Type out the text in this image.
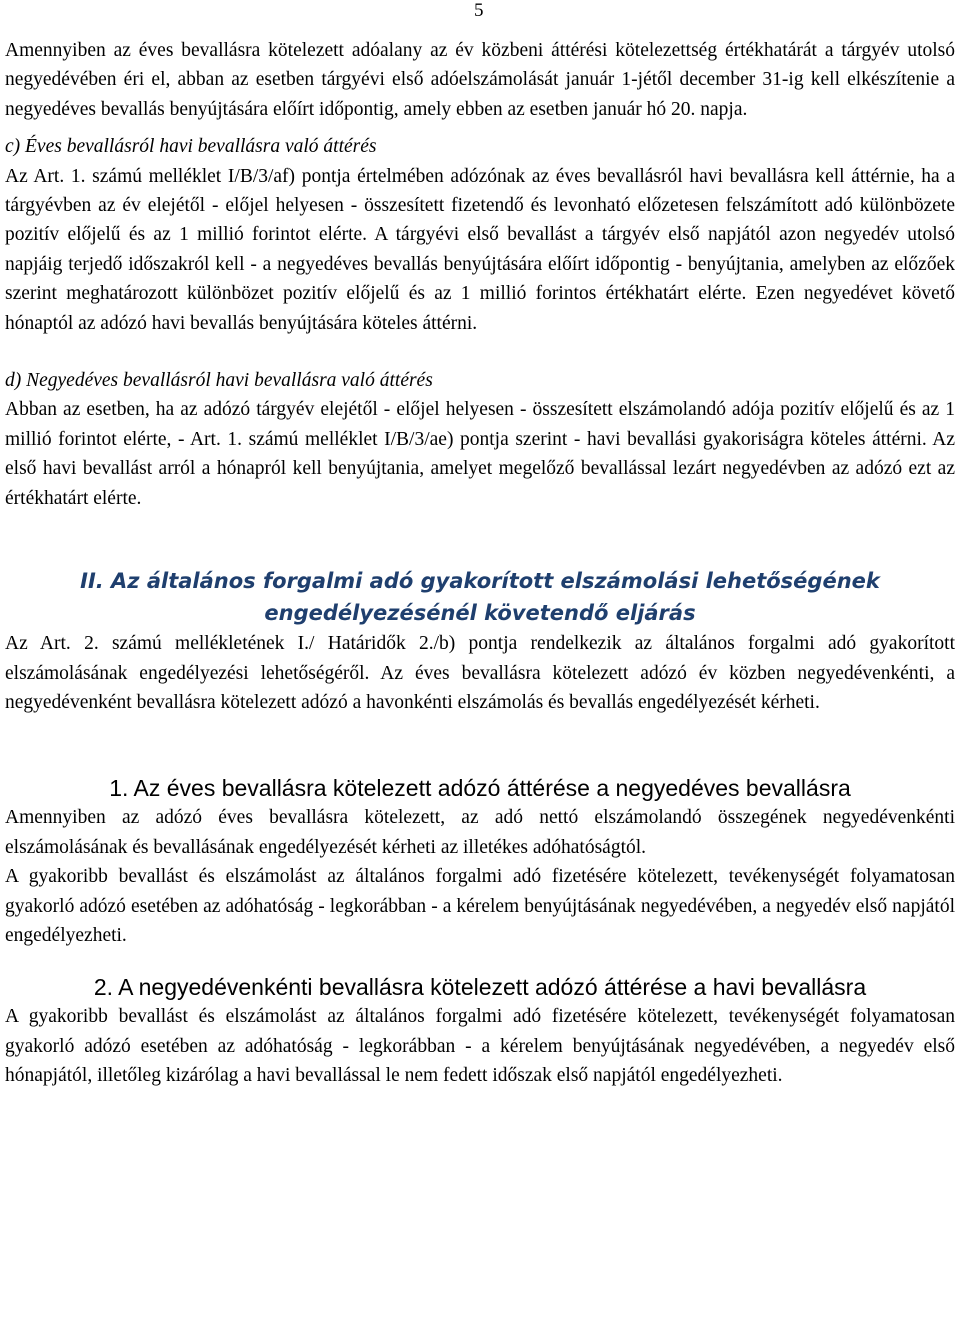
5

Amennyiben az éves bevallásra kötelezett adóalany az év közbeni áttérési kötelezettség értékhatárát a tárgyév utolsó negyedévében éri el, abban az esetben tárgyévi első adóelszámolását január 1-jétől december 31-ig kell elkészítenie a negyedéves bevallás benyújtására előírt időpontig, amely ebben az esetben január hó 20. napja.

c) Éves bevallásról havi bevallásra való áttérés

Az Art. 1. számú melléklet I/B/3/af) pontja értelmében adózónak az éves bevallásról havi bevallásra kell áttérnie, ha a tárgyévben az év elejétől - előjel helyesen - összesített fizetendő és levonható előzetesen felszámított adó különbözete pozitív előjelű és az 1 millió forintot elérte. A tárgyévi első bevallást a tárgyév első napjától azon negyedév utolsó napjáig terjedő időszakról kell - a negyedéves bevallás benyújtására előírt időpontig - benyújtania, amelyben az előzőek szerint meghatározott különbözet pozitív előjelű és az 1 millió forintos értékhatárt elérte. Ezen negyedévet követő hónaptól az adózó havi bevallás benyújtására köteles áttérni.

d) Negyedéves bevallásról havi bevallásra való áttérés

Abban az esetben, ha az adózó tárgyév elejétől - előjel helyesen - összesített elszámolandó adója pozitív előjelű és az 1 millió forintot elérte, - Art. 1. számú melléklet I/B/3/ae) pontja szerint - havi bevallási gyakoriságra köteles áttérni. Az első havi bevallást arról a hónapról kell benyújtania, amelyet megelőző bevallással lezárt negyedévben az adózó ezt az értékhatárt elérte.

II. Az általános forgalmi adó gyakorított elszámolási lehetőségének
engedélyezésénél követendő eljárás

Az Art. 2. számú mellékletének I./ Határidők 2./b) pontja rendelkezik az általános forgalmi adó gyakorított elszámolásának engedélyezési lehetőségéről. Az éves bevallásra kötelezett adózó év közben negyedévenkénti, a negyedévenként bevallásra kötelezett adózó a havonkénti elszámolás és bevallás engedélyezését kérheti.

1. Az éves bevallásra kötelezett adózó áttérése a negyedéves bevallásra

Amennyiben az adózó éves bevallásra kötelezett, az adó nettó elszámolandó összegének negyedévenkénti elszámolásának és bevallásának engedélyezését kérheti az illetékes adóhatóságtól.

A gyakoribb bevallást és elszámolást az általános forgalmi adó fizetésére kötelezett, tevékenységét folyamatosan gyakorló adózó esetében az adóhatóság - legkorábban - a kérelem benyújtásának negyedévében, a negyedév első napjától engedélyezheti.

2. A negyedévenkénti bevallásra kötelezett adózó áttérése a havi bevallásra

A gyakoribb bevallást és elszámolást az általános forgalmi adó fizetésére kötelezett, tevékenységét folyamatosan gyakorló adózó esetében az adóhatóság - legkorábban - a kérelem benyújtásának negyedévében, a negyedév első hónapjától, illetőleg kizárólag a havi bevallással le nem fedett időszak első napjától engedélyezheti.
